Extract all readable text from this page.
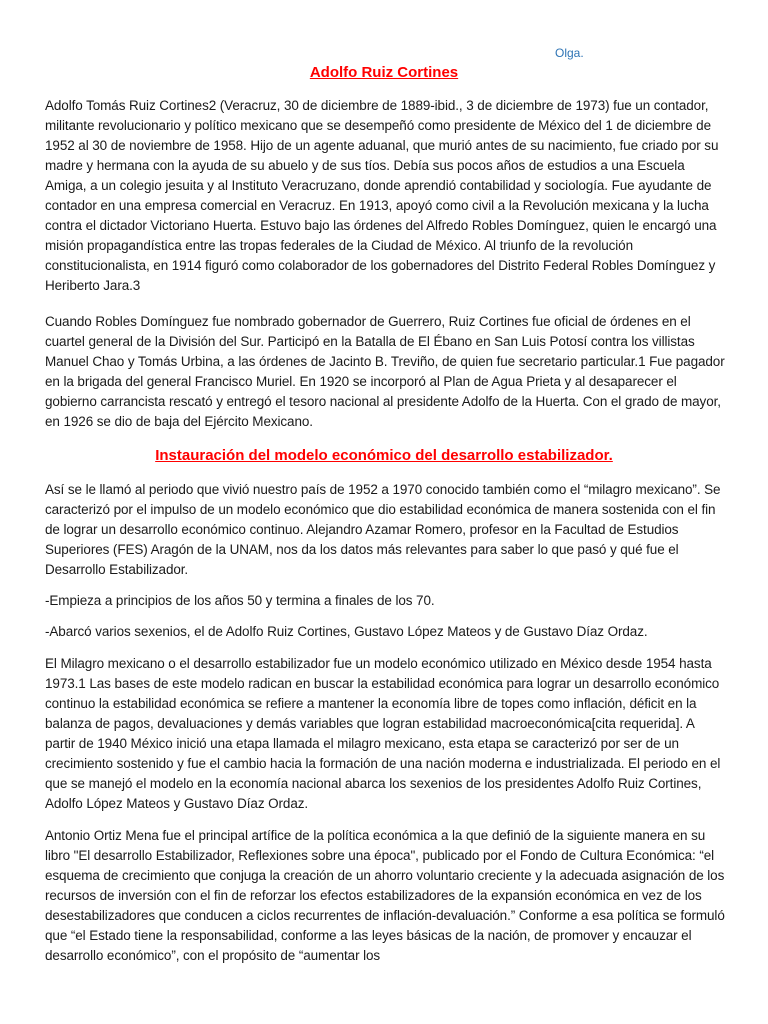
Olga.

Adolfo Ruiz Cortines

Adolfo Tomás Ruiz Cortines2 (Veracruz, 30 de diciembre de 1889-ibid., 3 de diciembre de 1973) fue un contador, militante revolucionario y político mexicano que se desempeñó como presidente de México del 1 de diciembre de 1952 al 30 de noviembre de 1958. Hijo de un agente aduanal, que murió antes de su nacimiento, fue criado por su madre y hermana con la ayuda de su abuelo y de sus tíos. Debía sus pocos años de estudios a una Escuela Amiga, a un colegio jesuita y al Instituto Veracruzano, donde aprendió contabilidad y sociología. Fue ayudante de contador en una empresa comercial en Veracruz. En 1913, apoyó como civil a la Revolución mexicana y la lucha contra el dictador Victoriano Huerta. Estuvo bajo las órdenes del Alfredo Robles Domínguez, quien le encargó una misión propagandística entre las tropas federales de la Ciudad de México. Al triunfo de la revolución constitucionalista, en 1914 figuró como colaborador de los gobernadores del Distrito Federal Robles Domínguez y Heriberto Jara.3

Cuando Robles Domínguez fue nombrado gobernador de Guerrero, Ruiz Cortines fue oficial de órdenes en el cuartel general de la División del Sur. Participó en la Batalla de El Ébano en San Luis Potosí contra los villistas Manuel Chao y Tomás Urbina, a las órdenes de Jacinto B. Treviño, de quien fue secretario particular.1 Fue pagador en la brigada del general Francisco Muriel. En 1920 se incorporó al Plan de Agua Prieta y al desaparecer el gobierno carrancista rescató y entregó el tesoro nacional al presidente Adolfo de la Huerta. Con el grado de mayor, en 1926 se dio de baja del Ejército Mexicano.

Instauración del modelo económico del desarrollo estabilizador.

Así se le llamó al periodo que vivió nuestro país de 1952 a 1970 conocido también como el “milagro mexicano”. Se caracterizó por el impulso de un modelo económico que dio estabilidad económica de manera sostenida con el fin de lograr un desarrollo económico continuo. Alejandro Azamar Romero, profesor en la Facultad de Estudios Superiores (FES) Aragón de la UNAM, nos da los datos más relevantes para saber lo que pasó y qué fue el Desarrollo Estabilizador.

-Empieza a principios de los años 50 y termina a finales de los 70.

-Abarcó varios sexenios, el de Adolfo Ruiz Cortines, Gustavo López Mateos y de Gustavo Díaz Ordaz.

El Milagro mexicano o el desarrollo estabilizador fue un modelo económico utilizado en México desde 1954 hasta 1973.1 Las bases de este modelo radican en buscar la estabilidad económica para lograr un desarrollo económico continuo la estabilidad económica se refiere a mantener la economía libre de topes como inflación, déficit en la balanza de pagos, devaluaciones y demás variables que logran estabilidad macroeconómica[cita requerida]. A partir de 1940 México inició una etapa llamada el milagro mexicano, esta etapa se caracterizó por ser de un crecimiento sostenido y fue el cambio hacia la formación de una nación moderna e industrializada. El periodo en el que se manejó el modelo en la economía nacional abarca los sexenios de los presidentes Adolfo Ruiz Cortines, Adolfo López Mateos y Gustavo Díaz Ordaz.

Antonio Ortiz Mena fue el principal artífice de la política económica a la que definió de la siguiente manera en su libro "El desarrollo Estabilizador, Reflexiones sobre una época", publicado por el Fondo de Cultura Económica: “el esquema de crecimiento que conjuga la creación de un ahorro voluntario creciente y la adecuada asignación de los recursos de inversión con el fin de reforzar los efectos estabilizadores de la expansión económica en vez de los desestabilizadores que conducen a ciclos recurrentes de inflación-devaluación.” Conforme a esa política se formuló que “el Estado tiene la responsabilidad, conforme a las leyes básicas de la nación, de promover y encauzar el desarrollo económico”, con el propósito de “aumentar los
